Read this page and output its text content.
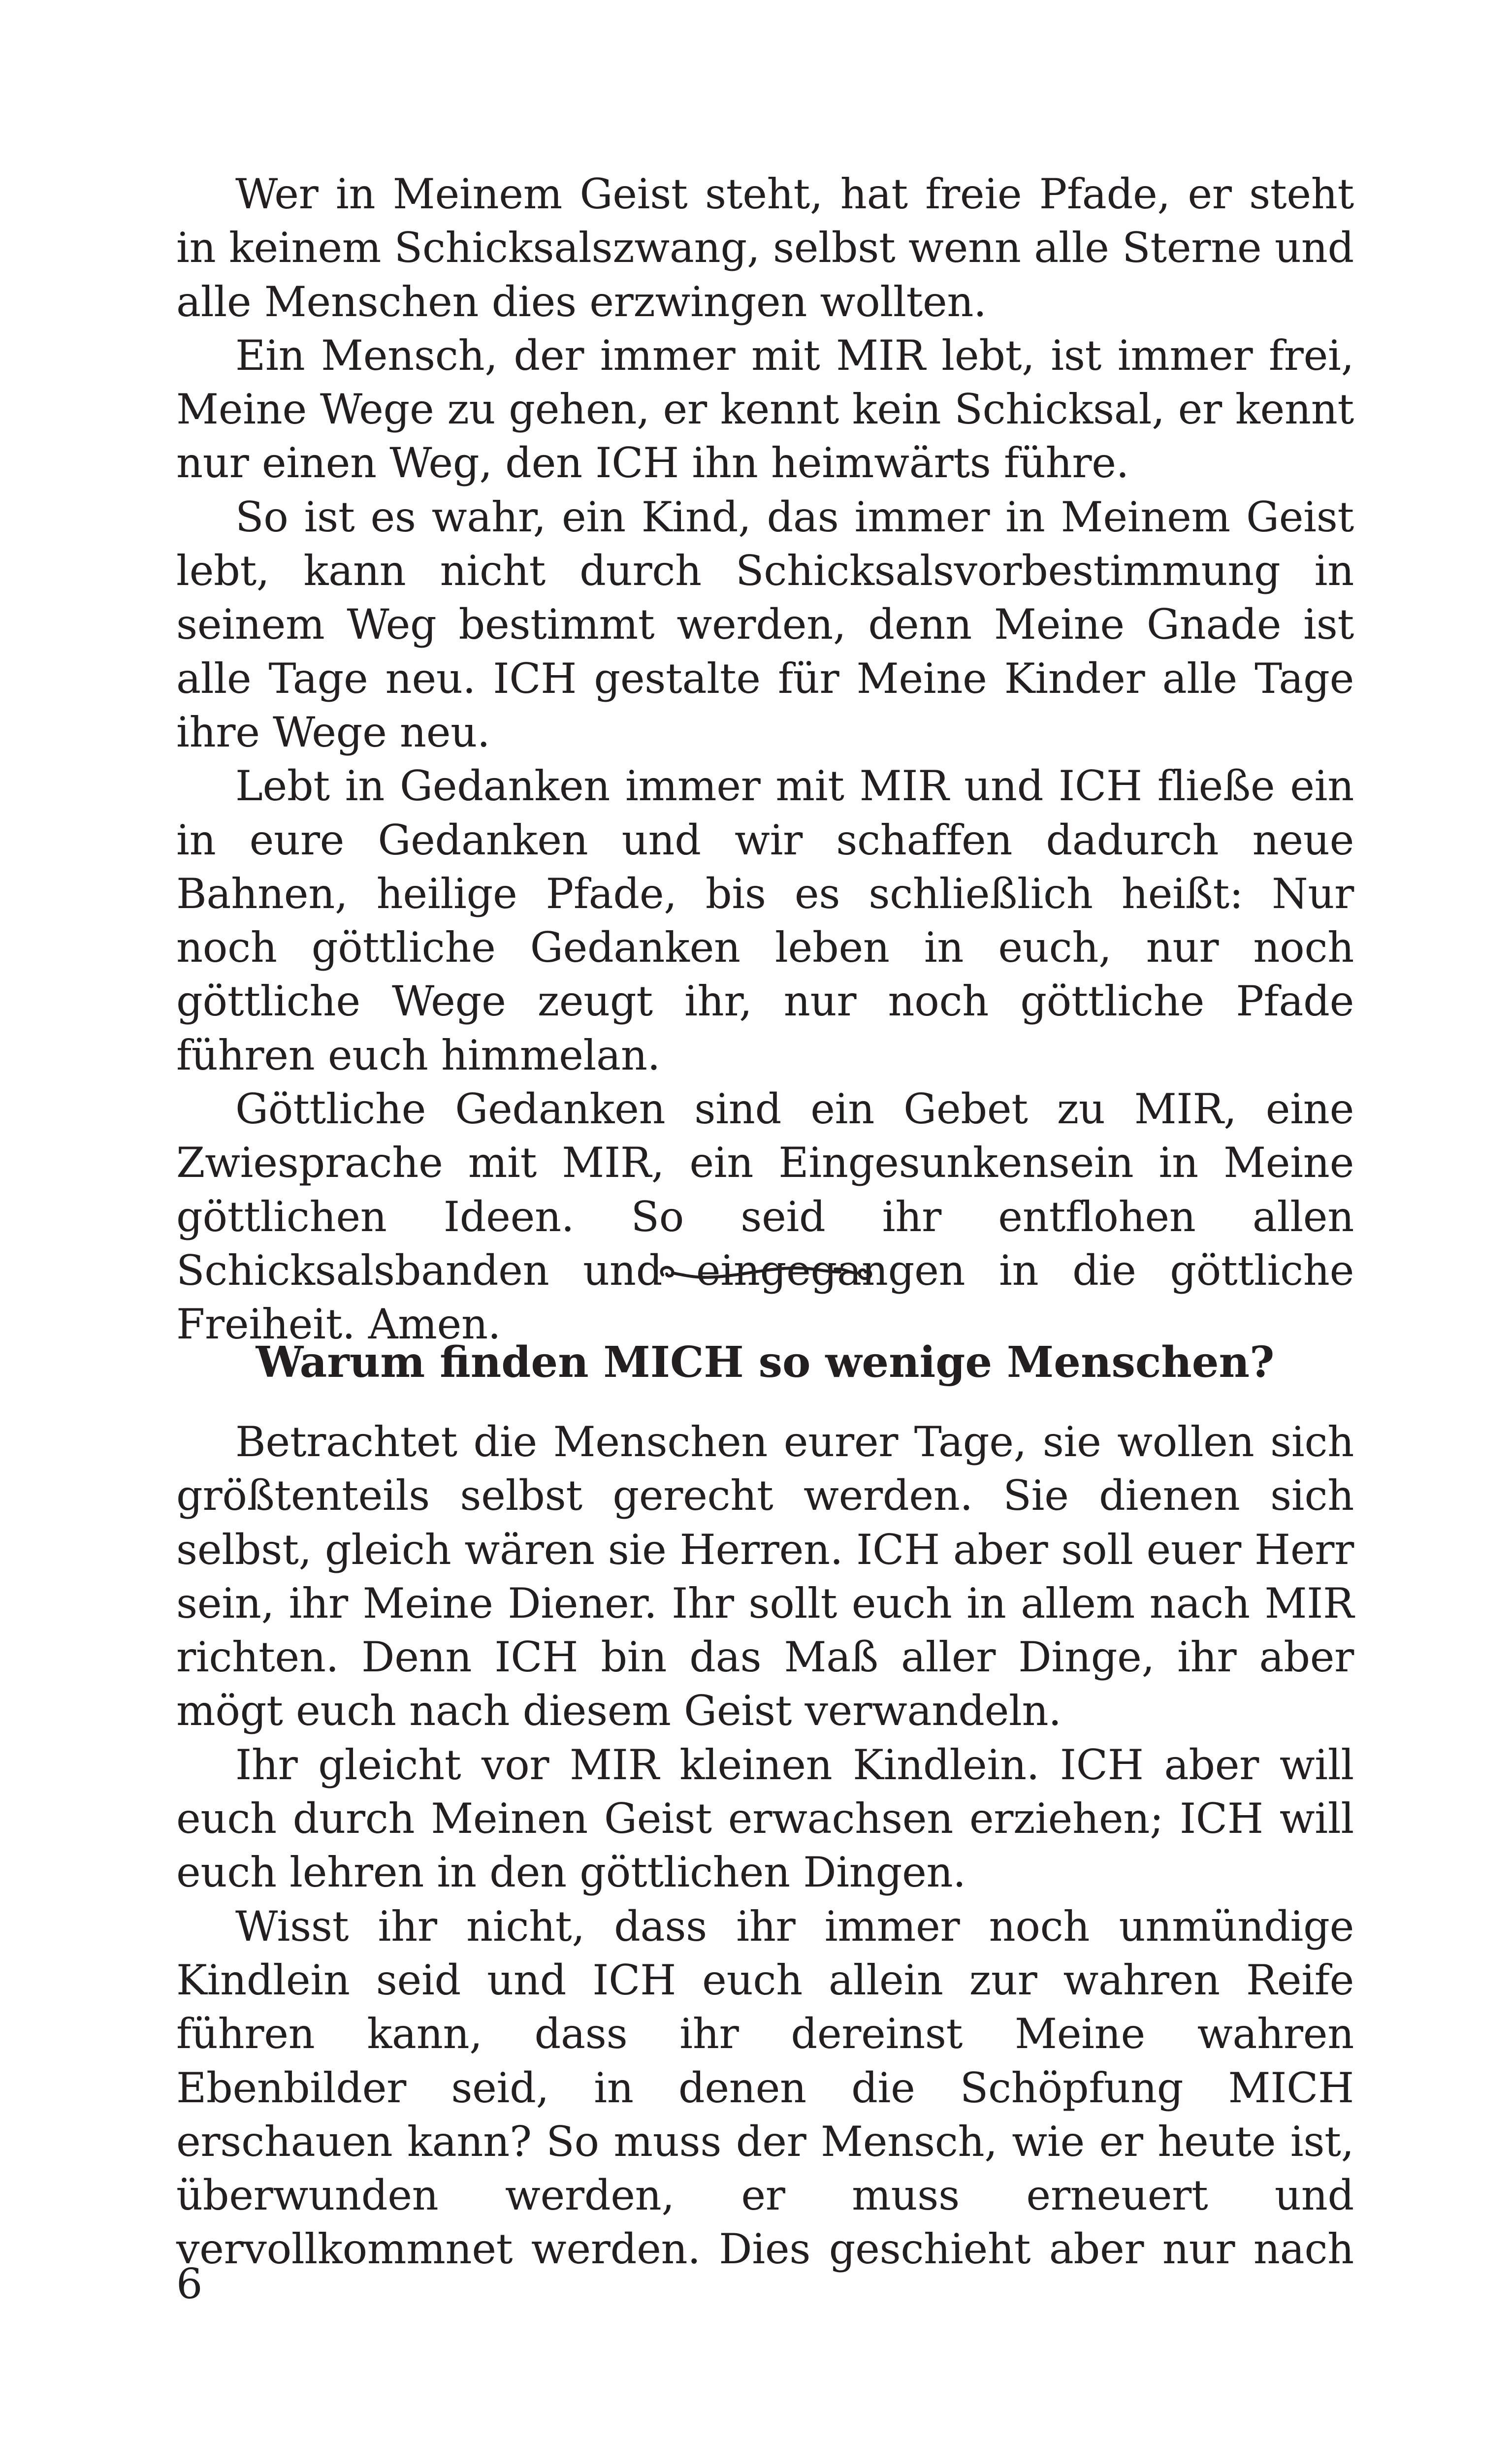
Wer in Meinem Geist steht, hat freie Pfade, er steht in keinem Schicksalszwang, selbst wenn alle Sterne und alle Menschen dies erzwingen wollten.

Ein Mensch, der immer mit MIR lebt, ist immer frei, Meine Wege zu gehen, er kennt kein Schicksal, er kennt nur einen Weg, den ICH ihn heimwärts führe.

So ist es wahr, ein Kind, das immer in Meinem Geist lebt, kann nicht durch Schicksalsvorbestimmung in seinem Weg bestimmt werden, denn Meine Gnade ist alle Tage neu. ICH gestalte für Meine Kinder alle Tage ihre Wege neu.

Lebt in Gedanken immer mit MIR und ICH fließe ein in eure Gedanken und wir schaffen dadurch neue Bahnen, heilige Pfade, bis es schließlich heißt: Nur noch göttliche Gedanken leben in euch, nur noch göttliche Wege zeugt ihr, nur noch göttliche Pfade führen euch himmelan.

Göttliche Gedanken sind ein Gebet zu MIR, eine Zwiesprache mit MIR, ein Eingesunkensein in Meine göttlichen Ideen. So seid ihr entflohen allen Schicksalsbanden und eingegangen in die göttliche Freiheit. Amen.

Warum finden MICH so wenige Menschen?

Betrachtet die Menschen eurer Tage, sie wollen sich größtenteils selbst gerecht werden. Sie dienen sich selbst, gleich wären sie Herren. ICH aber soll euer Herr sein, ihr Meine Diener. Ihr sollt euch in allem nach MIR richten. Denn ICH bin das Maß aller Dinge, ihr aber mögt euch nach diesem Geist verwandeln.

Ihr gleicht vor MIR kleinen Kindlein. ICH aber will euch durch Meinen Geist erwachsen erziehen; ICH will euch lehren in den göttlichen Dingen.

Wisst ihr nicht, dass ihr immer noch unmündige Kindlein seid und ICH euch allein zur wahren Reife führen kann, dass ihr dereinst Meine wahren Ebenbilder seid, in denen die Schöpfung MICH erschauen kann? So muss der Mensch, wie er heute ist, überwunden werden, er muss erneuert und vervollkommnet werden. Dies geschieht aber nur nach

6
